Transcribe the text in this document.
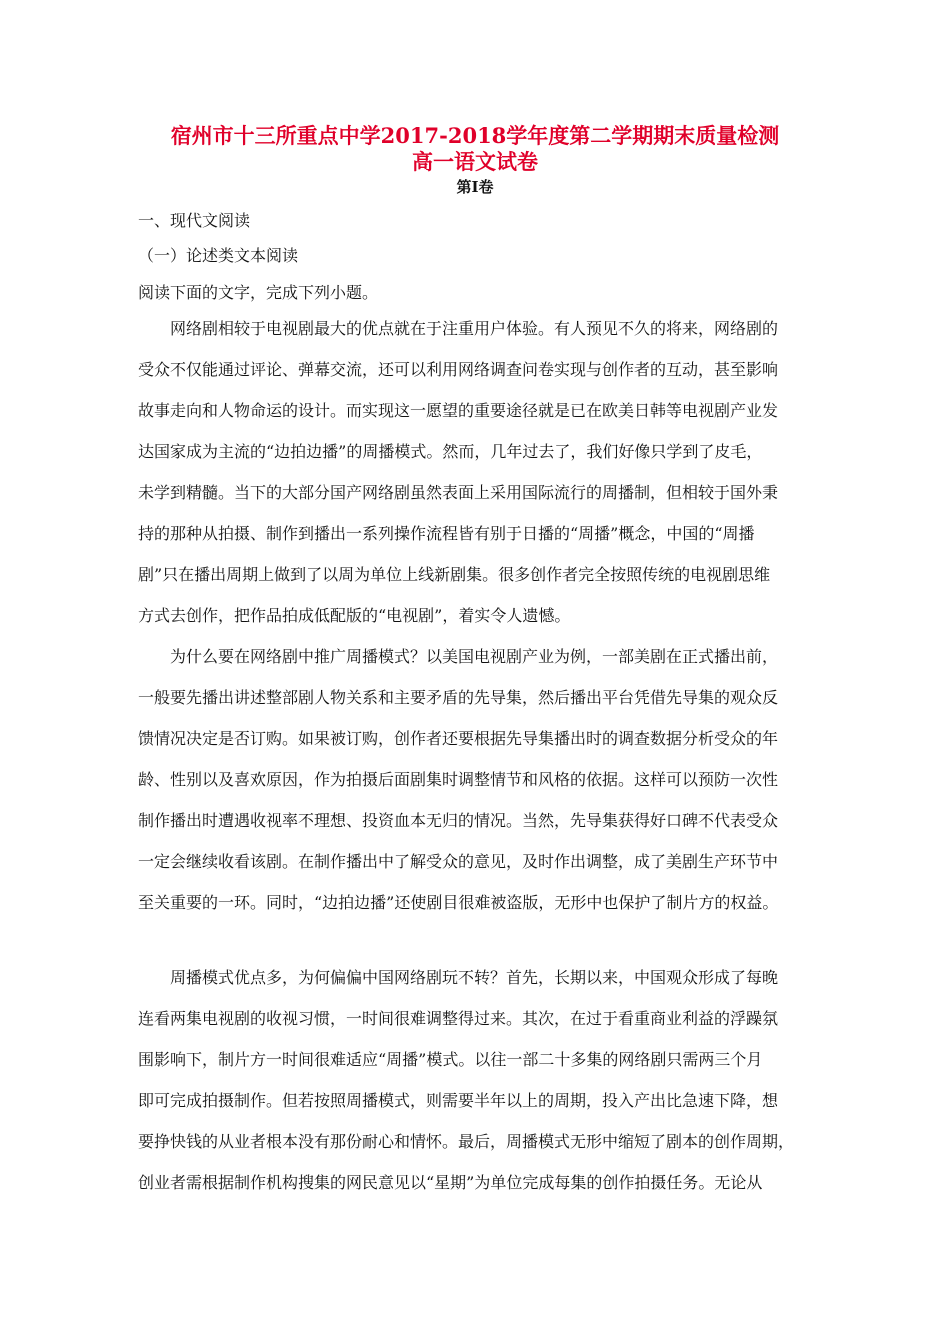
宿州市十三所重点中学2017-2018学年度第二学期期末质量检测
高一语文试卷
第I卷
一、现代文阅读
（一）论述类文本阅读
阅读下面的文字，完成下列小题。
网络剧相较于电视剧最大的优点就在于注重用户体验。有人预见不久的将来，网络剧的
受众不仅能通过评论、弹幕交流，还可以利用网络调查问卷实现与创作者的互动，甚至影响
故事走向和人物命运的设计。而实现这一愿望的重要途径就是已在欧美日韩等电视剧产业发
达国家成为主流的“边拍边播”的周播模式。然而，几年过去了，我们好像只学到了皮毛，
未学到精髓。当下的大部分国产网络剧虽然表面上采用国际流行的周播制，但相较于国外秉
持的那种从拍摄、制作到播出一系列操作流程皆有别于日播的“周播”概念，中国的“周播
剧”只在播出周期上做到了以周为单位上线新剧集。很多创作者完全按照传统的电视剧思维
方式去创作，把作品拍成低配版的“电视剧”，着实令人遗憾。
为什么要在网络剧中推广周播模式？以美国电视剧产业为例，一部美剧在正式播出前，
一般要先播出讲述整部剧人物关系和主要矛盾的先导集，然后播出平台凭借先导集的观众反
馈情况决定是否订购。如果被订购，创作者还要根据先导集播出时的调查数据分析受众的年
龄、性别以及喜欢原因，作为拍摄后面剧集时调整情节和风格的依据。这样可以预防一次性
制作播出时遭遇收视率不理想、投资血本无归的情况。当然，先导集获得好口碑不代表受众
一定会继续收看该剧。在制作播出中了解受众的意见，及时作出调整，成了美剧生产环节中
至关重要的一环。同时，“边拍边播”还使剧目很难被盗版，无形中也保护了制片方的权益。
周播模式优点多，为何偏偏中国网络剧玩不转？首先，长期以来，中国观众形成了每晚
连看两集电视剧的收视习惯，一时间很难调整得过来。其次，在过于看重商业利益的浮躁氛
围影响下，制片方一时间很难适应“周播”模式。以往一部二十多集的网络剧只需两三个月
即可完成拍摄制作。但若按照周播模式，则需要半年以上的周期，投入产出比急速下降，想
要挣快钱的从业者根本没有那份耐心和情怀。最后，周播模式无形中缩短了剧本的创作周期，
创业者需根据制作机构搜集的网民意见以“星期”为单位完成每集的创作拍摄任务。无论从
